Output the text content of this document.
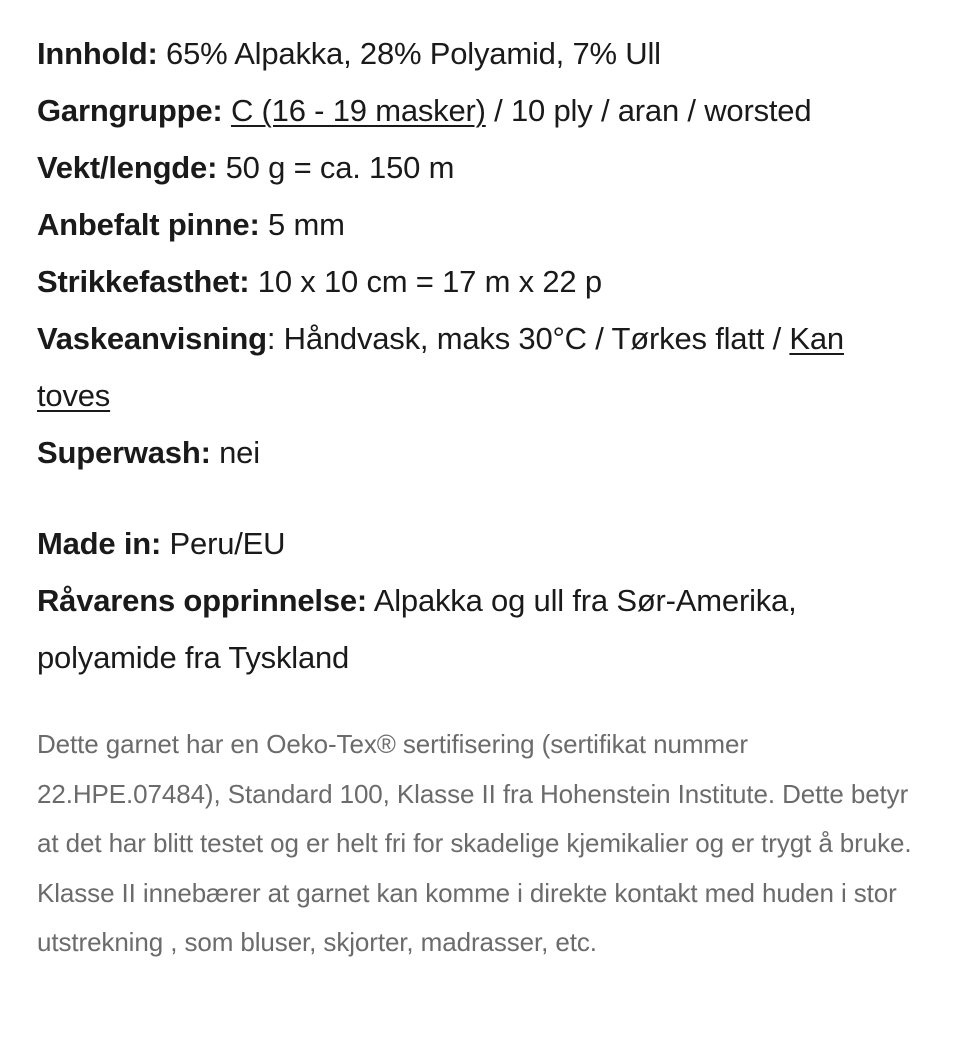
Innhold: 65% Alpakka, 28% Polyamid, 7% Ull

Garngruppe: C (16 - 19 masker) / 10 ply / aran / worsted

Vekt/lengde: 50 g = ca. 150 m

Anbefalt pinne: 5 mm

Strikkefasthet: 10 x 10 cm = 17 m x 22 p

Vaskeanvisning: Håndvask, maks 30°C / Tørkes flatt / Kan toves

Superwash: nei

Made in: Peru/EU

Råvarens opprinnelse: Alpakka og ull fra Sør-Amerika, polyamide fra Tyskland

Dette garnet har en Oeko-Tex® sertifisering (sertifikat nummer 22.HPE.07484), Standard 100, Klasse II fra Hohenstein Institute. Dette betyr at det har blitt testet og er helt fri for skadelige kjemikalier og er trygt å bruke. Klasse II innebærer at garnet kan komme i direkte kontakt med huden i stor utstrekning , som bluser, skjorter, madrasser, etc.
